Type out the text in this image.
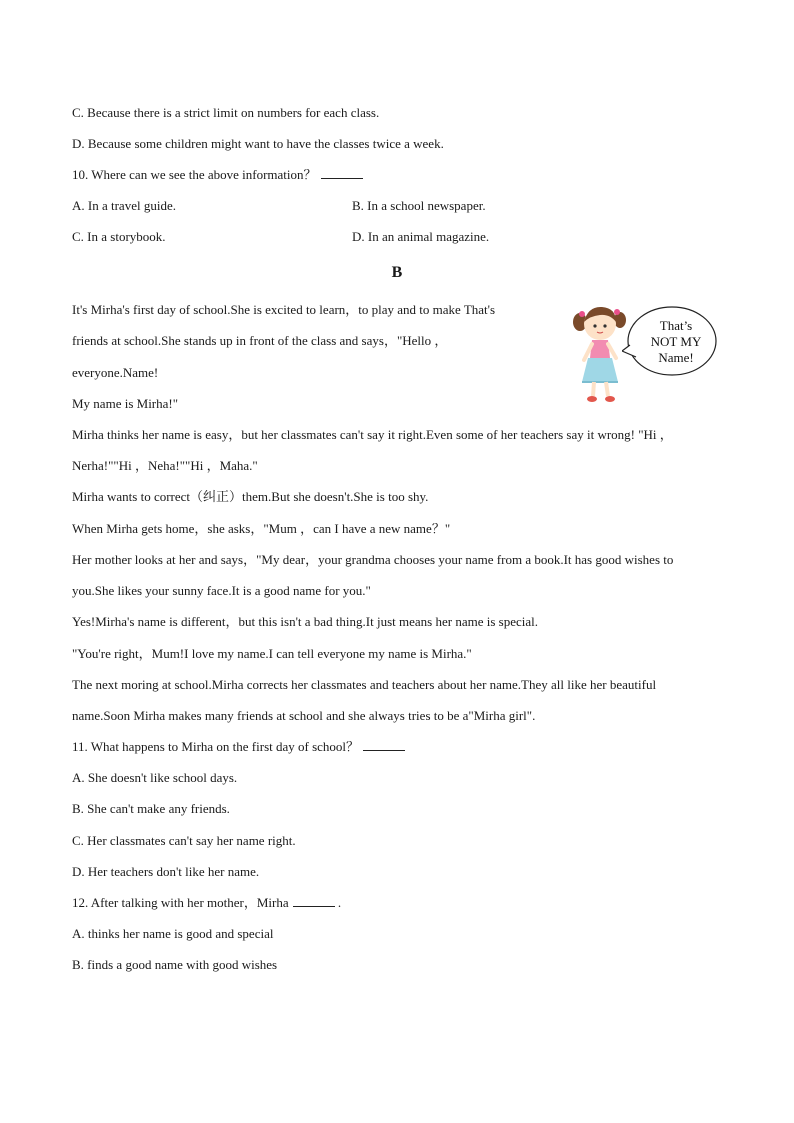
C. Because there is a strict limit on numbers for each class.
D. Because some children might want to have the classes twice a week.
10. Where can we see the above information？
A. In a travel guide.	B. In a school newspaper.
C. In a storybook.	D. In an animal magazine.
B
That’s
NOT MY
Name!
It's Mirha's first day of school.She is excited to learn，to play and to make That's
friends at school.She stands up in front of the class and says，"Hello ，
everyone.Name!
My name is Mirha!"
Mirha thinks her name is easy，but her classmates can't say it right.Even some of her teachers say it wrong! "Hi ，
Nerha!""Hi ，Neha!""Hi ，Maha."
Mirha wants to correct（纠正）them.But she doesn't.She is too shy.
When Mirha gets home，she asks，"Mum ，can I have a new name？"
Her mother looks at her and says，"My dear，your grandma chooses your name from a book.It has good wishes to
you.She likes your sunny face.It is a good name for you."
Yes!Mirha's name is different，but this isn't a bad thing.It just means her name is special.
"You're right，Mum!I love my name.I can tell everyone my name is Mirha."
The next moring at school.Mirha corrects her classmates and teachers about her name.They all like her beautiful
name.Soon Mirha makes many friends at school and she always tries to be a"Mirha girl".
11. What happens to Mirha on the first day of school？
A. She doesn't like school days.
B. She can't make any friends.
C. Her classmates can't say her name right.
D. Her teachers don't like her name.
12. After talking with her mother，Mirha	.
A. thinks her name is good and special
B. finds a good name with good wishes
